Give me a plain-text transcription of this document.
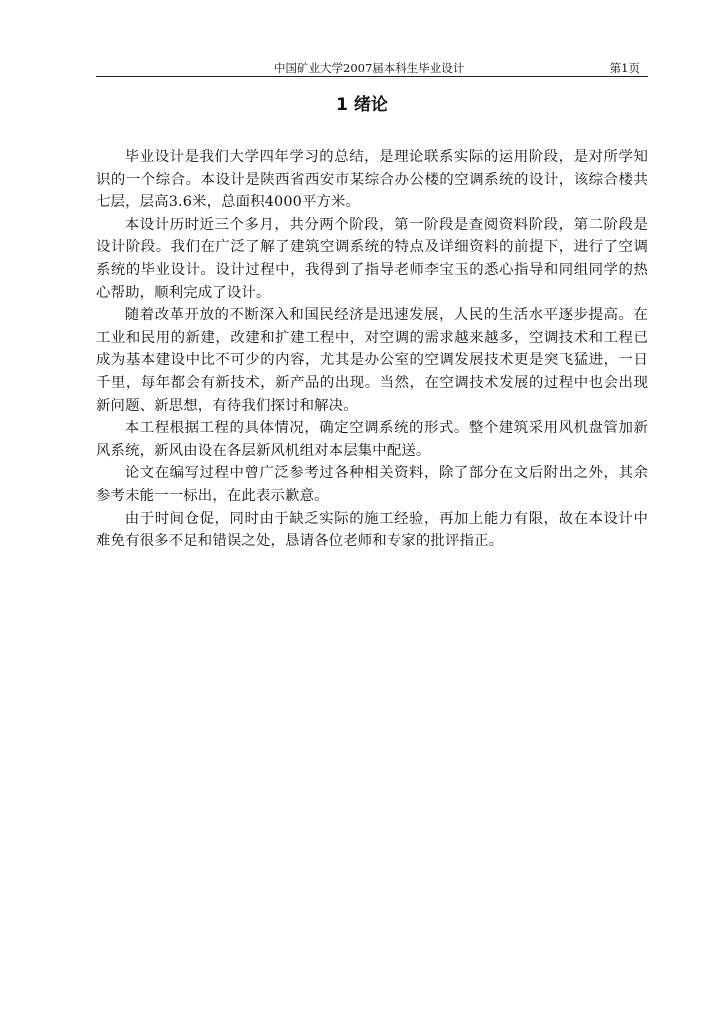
中国矿业大学2007届本科生毕业设计	第1页
1 绪论

毕业设计是我们大学四年学习的总结，是理论联系实际的运用阶段，是对所学知识的一个综合。本设计是陕西省西安市某综合办公楼的空调系统的设计，该综合楼共七层，层高3.6米，总面积4000平方米。

本设计历时近三个多月，共分两个阶段，第一阶段是查阅资料阶段，第二阶段是设计阶段。我们在广泛了解了建筑空调系统的特点及详细资料的前提下，进行了空调系统的毕业设计。设计过程中，我得到了指导老师李宝玉的悉心指导和同组同学的热心帮助，顺利完成了设计。

随着改革开放的不断深入和国民经济是迅速发展，人民的生活水平逐步提高。在工业和民用的新建，改建和扩建工程中，对空调的需求越来越多，空调技术和工程已成为基本建设中比不可少的内容，尤其是办公室的空调发展技术更是突飞猛进，一日千里，每年都会有新技术，新产品的出现。当然，在空调技术发展的过程中也会出现新问题、新思想，有待我们探讨和解决。

本工程根据工程的具体情况，确定空调系统的形式。整个建筑采用风机盘管加新风系统，新风由设在各层新风机组对本层集中配送。

论文在编写过程中曾广泛参考过各种相关资料，除了部分在文后附出之外，其余参考未能一一标出，在此表示歉意。

由于时间仓促，同时由于缺乏实际的施工经验，再加上能力有限，故在本设计中难免有很多不足和错误之处，恳请各位老师和专家的批评指正。
